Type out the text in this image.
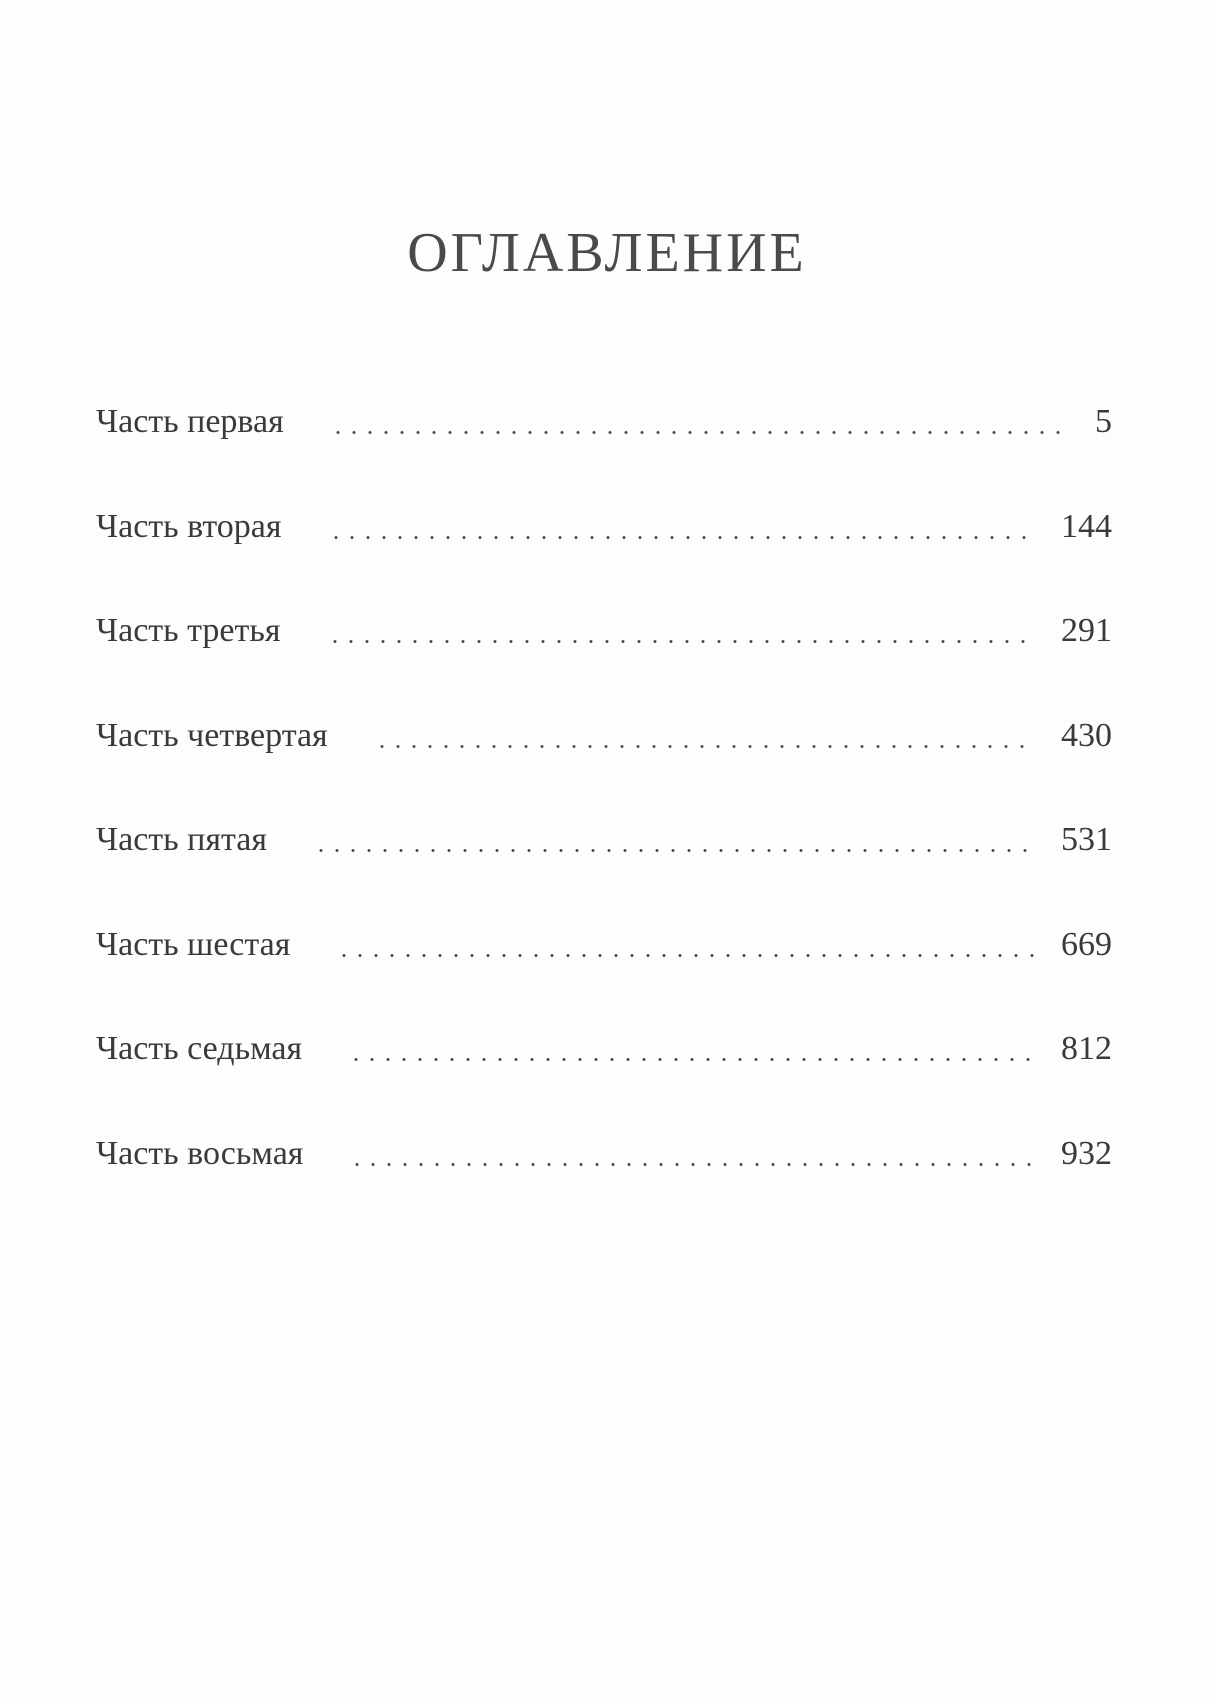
ОГЛАВЛЕНИЕ
Часть первая	5
Часть вторая	144
Часть третья	291
Часть четвертая	430
Часть пятая	531
Часть шестая	669
Часть седьмая	812
Часть восьмая	932
